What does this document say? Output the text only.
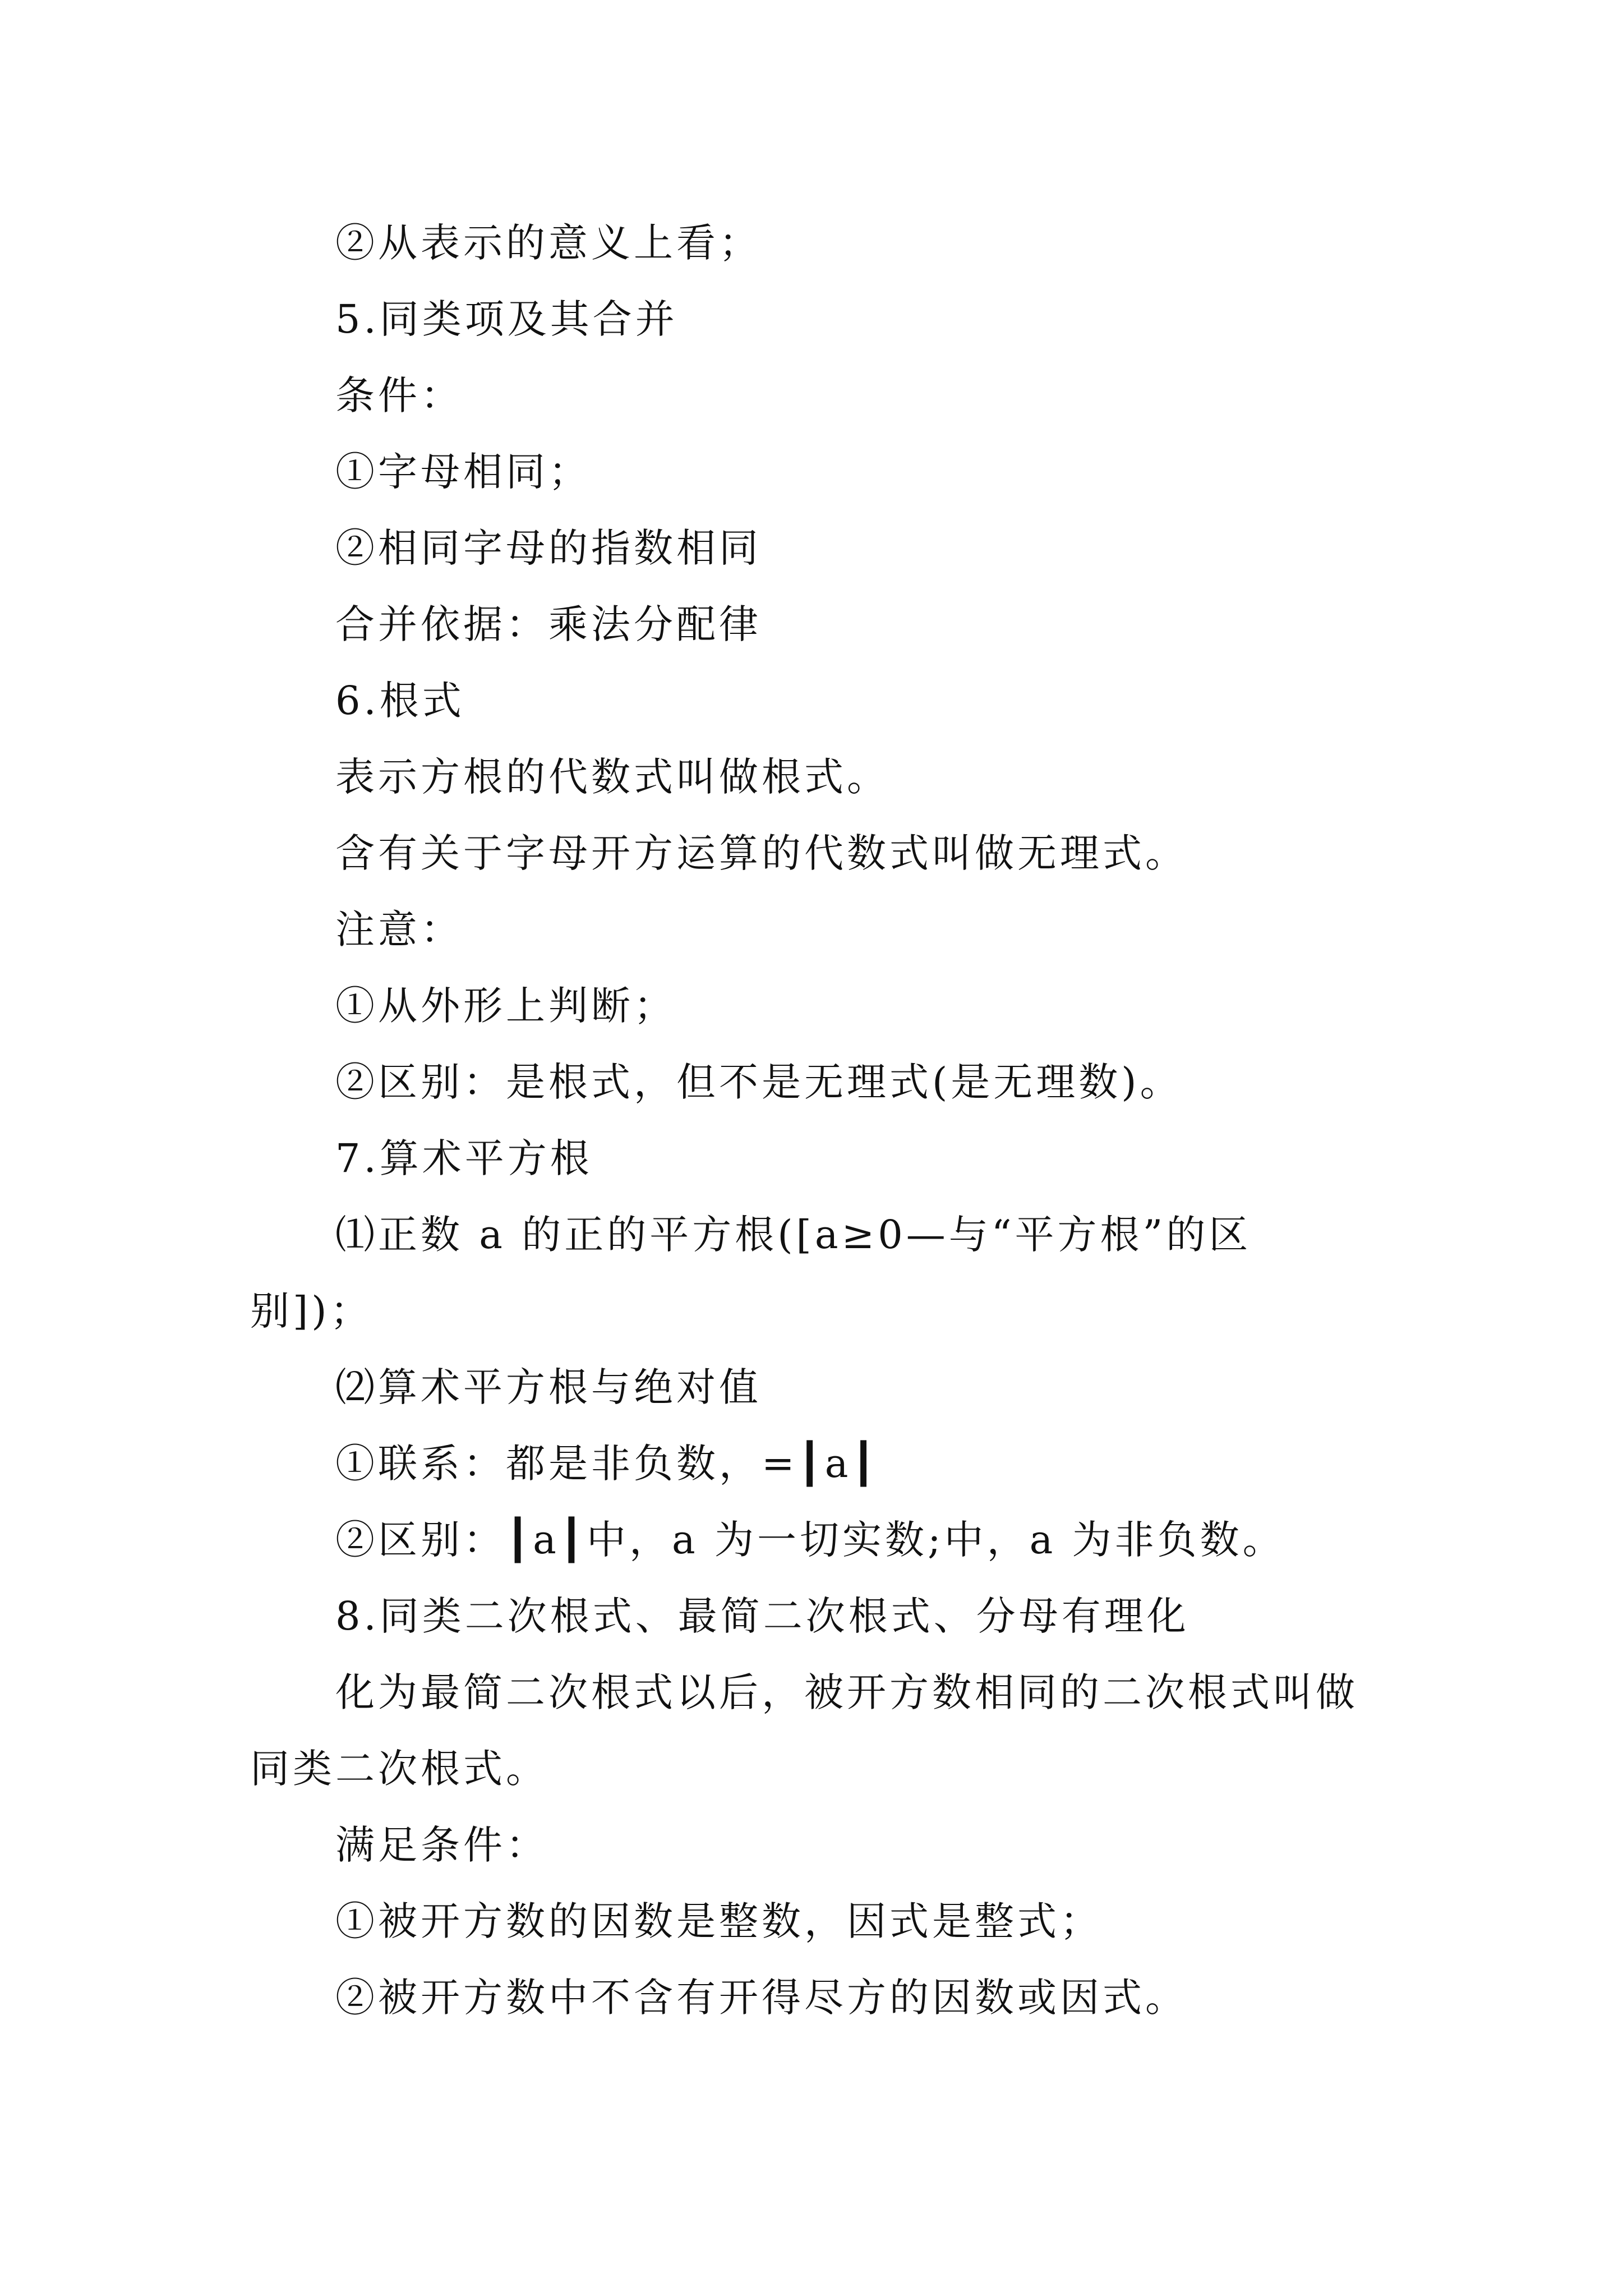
②从表示的意义上看；
5.同类项及其合并
条件：
①字母相同；
②相同字母的指数相同
合并依据：乘法分配律
6.根式
表示方根的代数式叫做根式。
含有关于字母开方运算的代数式叫做无理式。
注意：
①从外形上判断；
②区别：是根式，但不是无理式(是无理数)。
7.算术平方根
⑴正数 a 的正的平方根([a≥0—与“平方根”的区
别])；
⑵算术平方根与绝对值
①联系：都是非负数，=┃a┃
②区别：┃a┃中，a 为一切实数;中，a 为非负数。
8.同类二次根式、最简二次根式、分母有理化
化为最简二次根式以后，被开方数相同的二次根式叫做
同类二次根式。
满足条件：
①被开方数的因数是整数，因式是整式；
②被开方数中不含有开得尽方的因数或因式。
